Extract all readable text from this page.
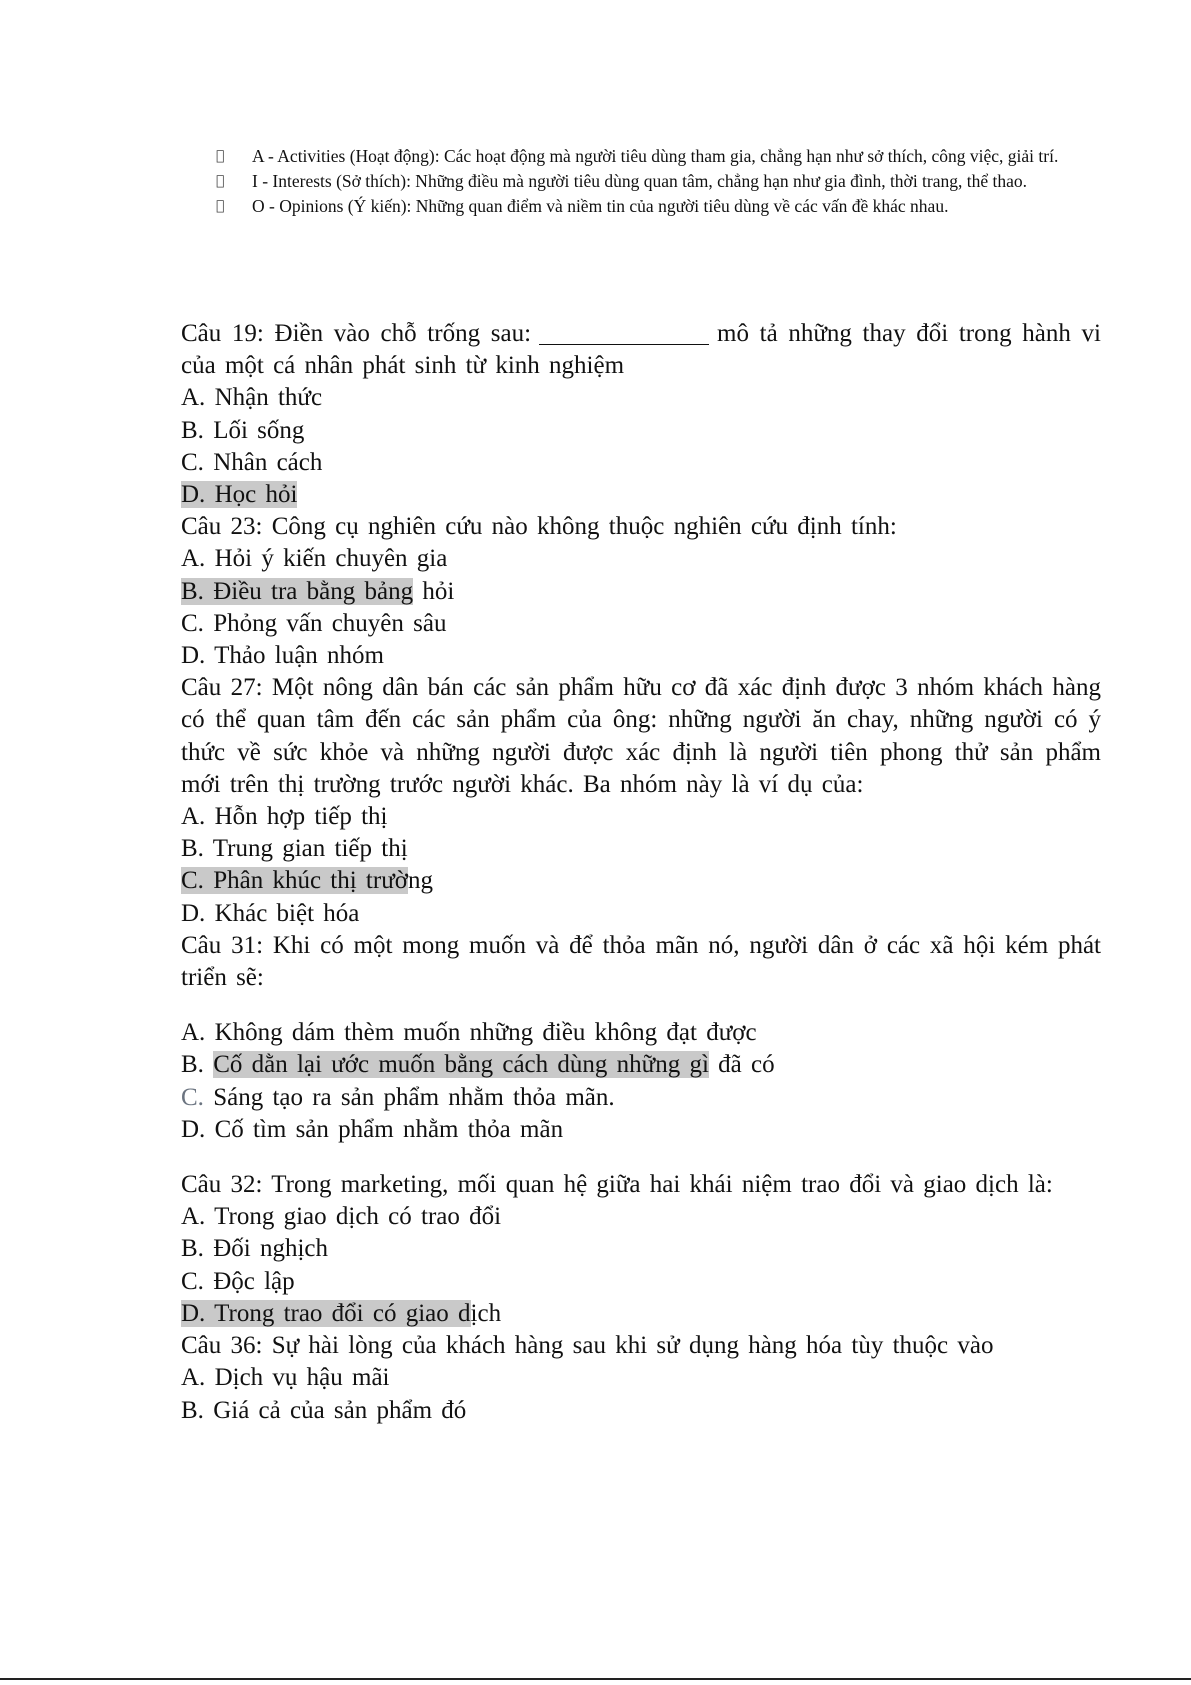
A - Activities (Hoạt động): Các hoạt động mà người tiêu dùng tham gia, chẳng hạn như sở thích, công việc, giải trí.
I - Interests (Sở thích): Những điều mà người tiêu dùng quan tâm, chẳng hạn như gia đình, thời trang, thể thao.
O - Opinions (Ý kiến): Những quan điểm và niềm tin của người tiêu dùng về các vấn đề khác nhau.
Câu 19: Điền vào chỗ trống sau:	mô tả những thay đổi trong hành vi của một cá nhân phát sinh từ kinh nghiệm
A. Nhận thức
B. Lối sống
C. Nhân cách
D. Học hỏi
Câu 23: Công cụ nghiên cứu nào không thuộc nghiên cứu định tính:
A. Hỏi ý kiến chuyên gia
B. Điều tra bằng bảng hỏi
C. Phỏng vấn chuyên sâu
D. Thảo luận nhóm
Câu 27: Một nông dân bán các sản phẩm hữu cơ đã xác định được 3 nhóm khách hàng có thể quan tâm đến các sản phẩm của ông: những người ăn chay, những người có ý thức về sức khỏe và những người được xác định là người tiên phong thử sản phẩm mới trên thị trường trước người khác. Ba nhóm này là ví dụ của:
A. Hỗn hợp tiếp thị
B. Trung gian tiếp thị
C. Phân khúc thị trường
D. Khác biệt hóa
Câu 31: Khi có một mong muốn và để thỏa mãn nó, người dân ở các xã hội kém phát triển sẽ:
A. Không dám thèm muốn những điều không đạt được
B. Cố dằn lại ước muốn bằng cách dùng những gì đã có
C. Sáng tạo ra sản phẩm nhằm thỏa mãn.
D. Cố tìm sản phẩm nhằm thỏa mãn
Câu 32: Trong marketing, mối quan hệ giữa hai khái niệm trao đổi và giao dịch là:
A. Trong giao dịch có trao đổi
B. Đối nghịch
C. Độc lập
D. Trong trao đổi có giao dịch
Câu 36: Sự hài lòng của khách hàng sau khi sử dụng hàng hóa tùy thuộc vào
A. Dịch vụ hậu mãi
B. Giá cả của sản phẩm đó
